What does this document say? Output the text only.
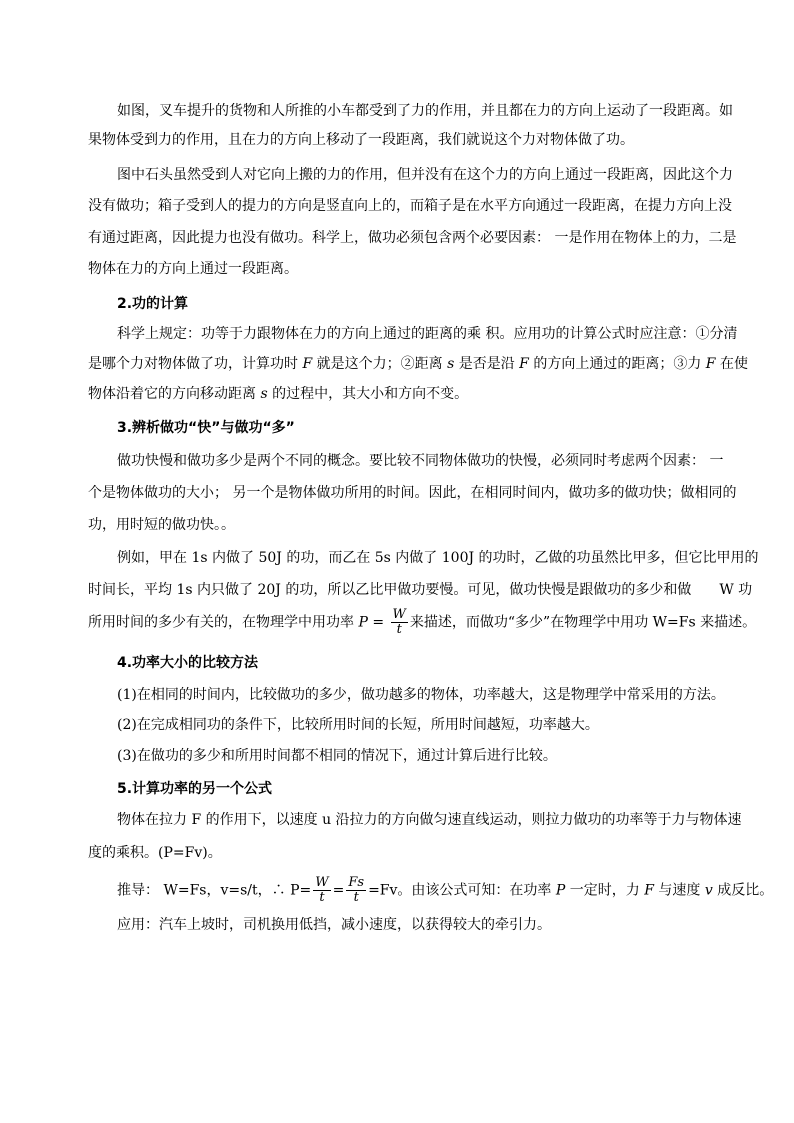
如图，叉车提升的货物和人所推的小车都受到了力的作用，并且都在力的方向上运动了一段距离。如
果物体受到力的作用，且在力的方向上移动了一段距离，我们就说这个力对物体做了功。
图中石头虽然受到人对它向上搬的力的作用，但并没有在这个力的方向上通过一段距离，因此这个力
没有做功；箱子受到人的提力的方向是竖直向上的，而箱子是在水平方向通过一段距离，在提力方向上没
有通过距离，因此提力也没有做功。科学上，做功必须包含两个必要因素： 一是作用在物体上的力，二是
物体在力的方向上通过一段距离。
2.功的计算
科学上规定：功等于力跟物体在力的方向上通过的距离的乘 积。应用功的计算公式时应注意：①分清
是哪个力对物体做了功，计算功时 F 就是这个力；②距离 s 是否是沿 F 的方向上通过的距离；③力 F 在使
物体沿着它的方向移动距离 s 的过程中，其大小和方向不变。
3.辨析做功“快”与做功“多”
做功快慢和做功多少是两个不同的概念。要比较不同物体做功的快慢，必须同时考虑两个因素： 一
个是物体做功的大小； 另一个是物体做功所用的时间。因此，在相同时间内，做功多的做功快；做相同的
功，用时短的做功快。。
例如，甲在 1s 内做了 50J 的功，而乙在 5s 内做了 100J 的功时，乙做的功虽然比甲多，但它比甲用的
时间长，平均 1s 内只做了 20J 的功，所以乙比甲做功要慢。可见，做功快慢是跟做功的多少和做　　W 功
所用时间的多少有关的，在物理学中用功率 $P = \frac{W}{t}$ 来描述，而做功“多少”在物理学中用功 W=Fs 来描述。
4.功率大小的比较方法
(1)在相同的时间内，比较做功的多少，做功越多的物体，功率越大，这是物理学中常采用的方法。
(2)在完成相同功的条件下，比较所用时间的长短，所用时间越短，功率越大。
(3)在做功的多少和所用时间都不相同的情况下，通过计算后进行比较。
5.计算功率的另一个公式
物体在拉力 F 的作用下，以速度 u 沿拉力的方向做匀速直线运动，则拉力做功的功率等于力与物体速
度的乘积。(P=Fv)。
推导： W=Fs，v=s/t，∴ $P= \frac{W}{t} = \frac{Fs}{t} =Fv$。由该公式可知：在功率 P 一定时，力 F 与速度 v 成反比。
应用：汽车上坡时，司机换用低挡，减小速度，以获得较大的牵引力。
